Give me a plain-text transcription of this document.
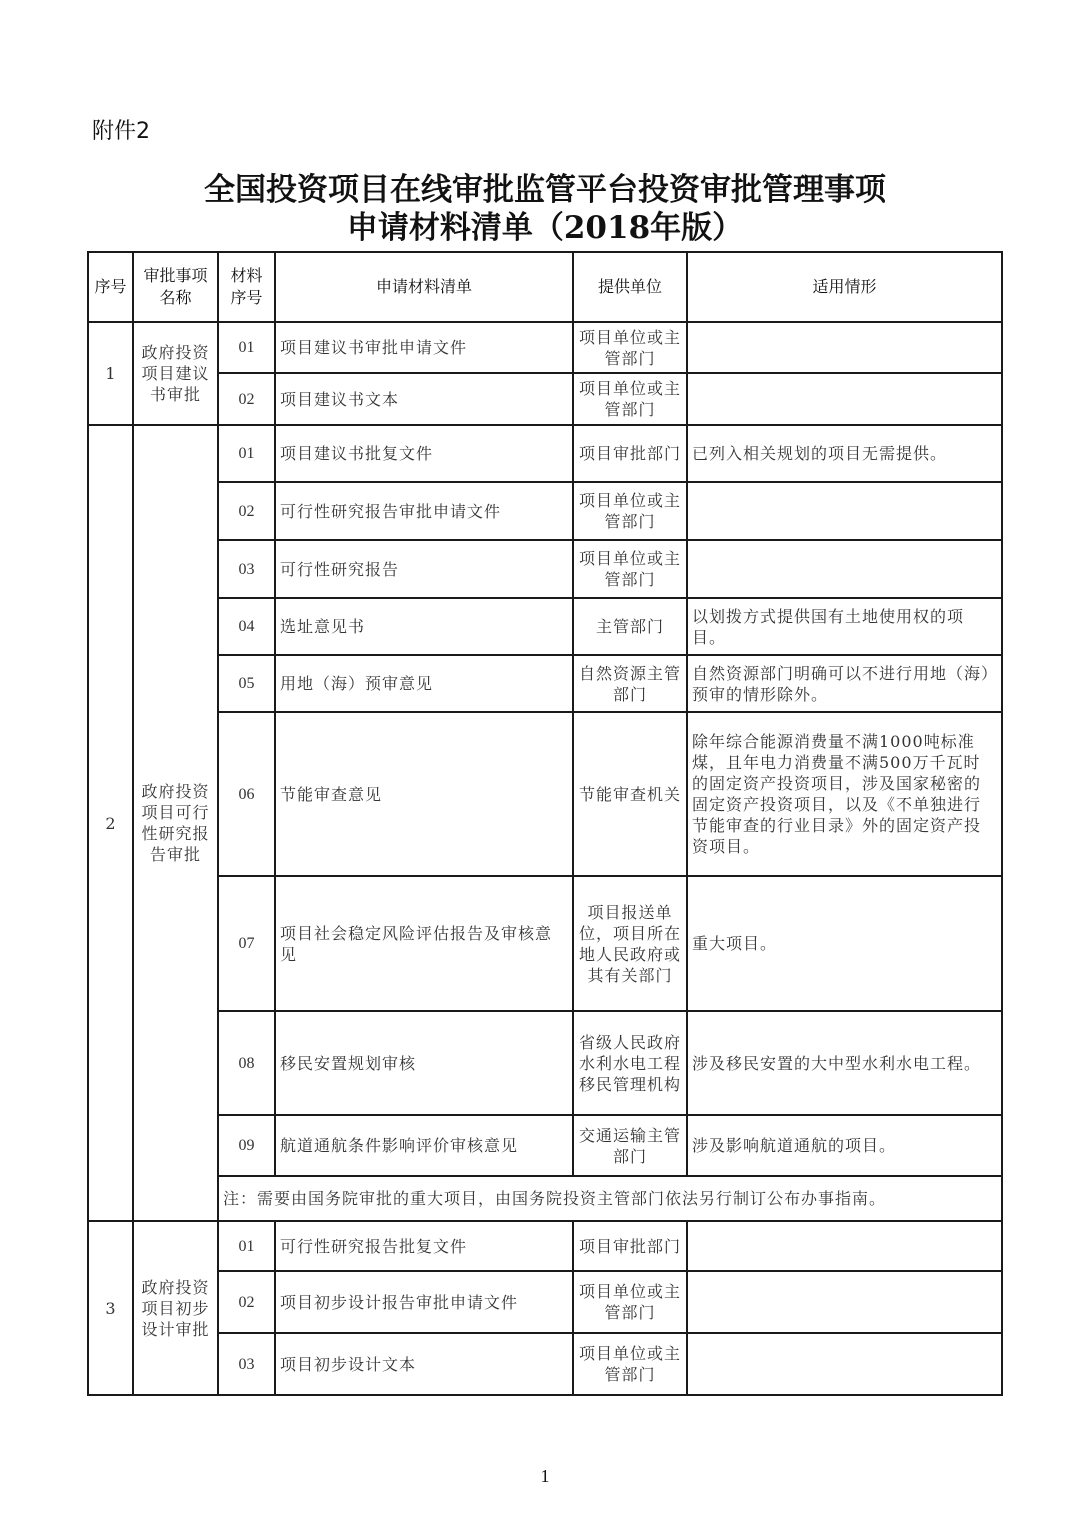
附件2
全国投资项目在线审批监管平台投资审批管理事项
申请材料清单（2018年版）
序号	审批事项名称	材料序号	申请材料清单	提供单位	适用情形
1	政府投资项目建议书审批	01	项目建议书审批申请文件	项目单位或主管部门	
		02	项目建议书文本	项目单位或主管部门	
2	政府投资项目可行性研究报告审批	01	项目建议书批复文件	项目审批部门	已列入相关规划的项目无需提供。
		02	可行性研究报告审批申请文件	项目单位或主管部门	
		03	可行性研究报告	项目单位或主管部门	
		04	选址意见书	主管部门	以划拨方式提供国有土地使用权的项目。
		05	用地（海）预审意见	自然资源主管部门	自然资源部门明确可以不进行用地（海）预审的情形除外。
		06	节能审查意见	节能审查机关	除年综合能源消费量不满1000吨标准煤，且年电力消费量不满500万千瓦时的固定资产投资项目，涉及国家秘密的固定资产投资项目，以及《不单独进行节能审查的行业目录》外的固定资产投资项目。
		07	项目社会稳定风险评估报告及审核意见	项目报送单位，项目所在地人民政府或其有关部门	重大项目。
		08	移民安置规划审核	省级人民政府水利水电工程移民管理机构	涉及移民安置的大中型水利水电工程。
		09	航道通航条件影响评价审核意见	交通运输主管部门	涉及影响航道通航的项目。
		注：需要由国务院审批的重大项目，由国务院投资主管部门依法另行制订公布办事指南。			
3	政府投资项目初步设计审批	01	可行性研究报告批复文件	项目审批部门	
		02	项目初步设计报告审批申请文件	项目单位或主管部门	
		03	项目初步设计文本	项目单位或主管部门	
1
